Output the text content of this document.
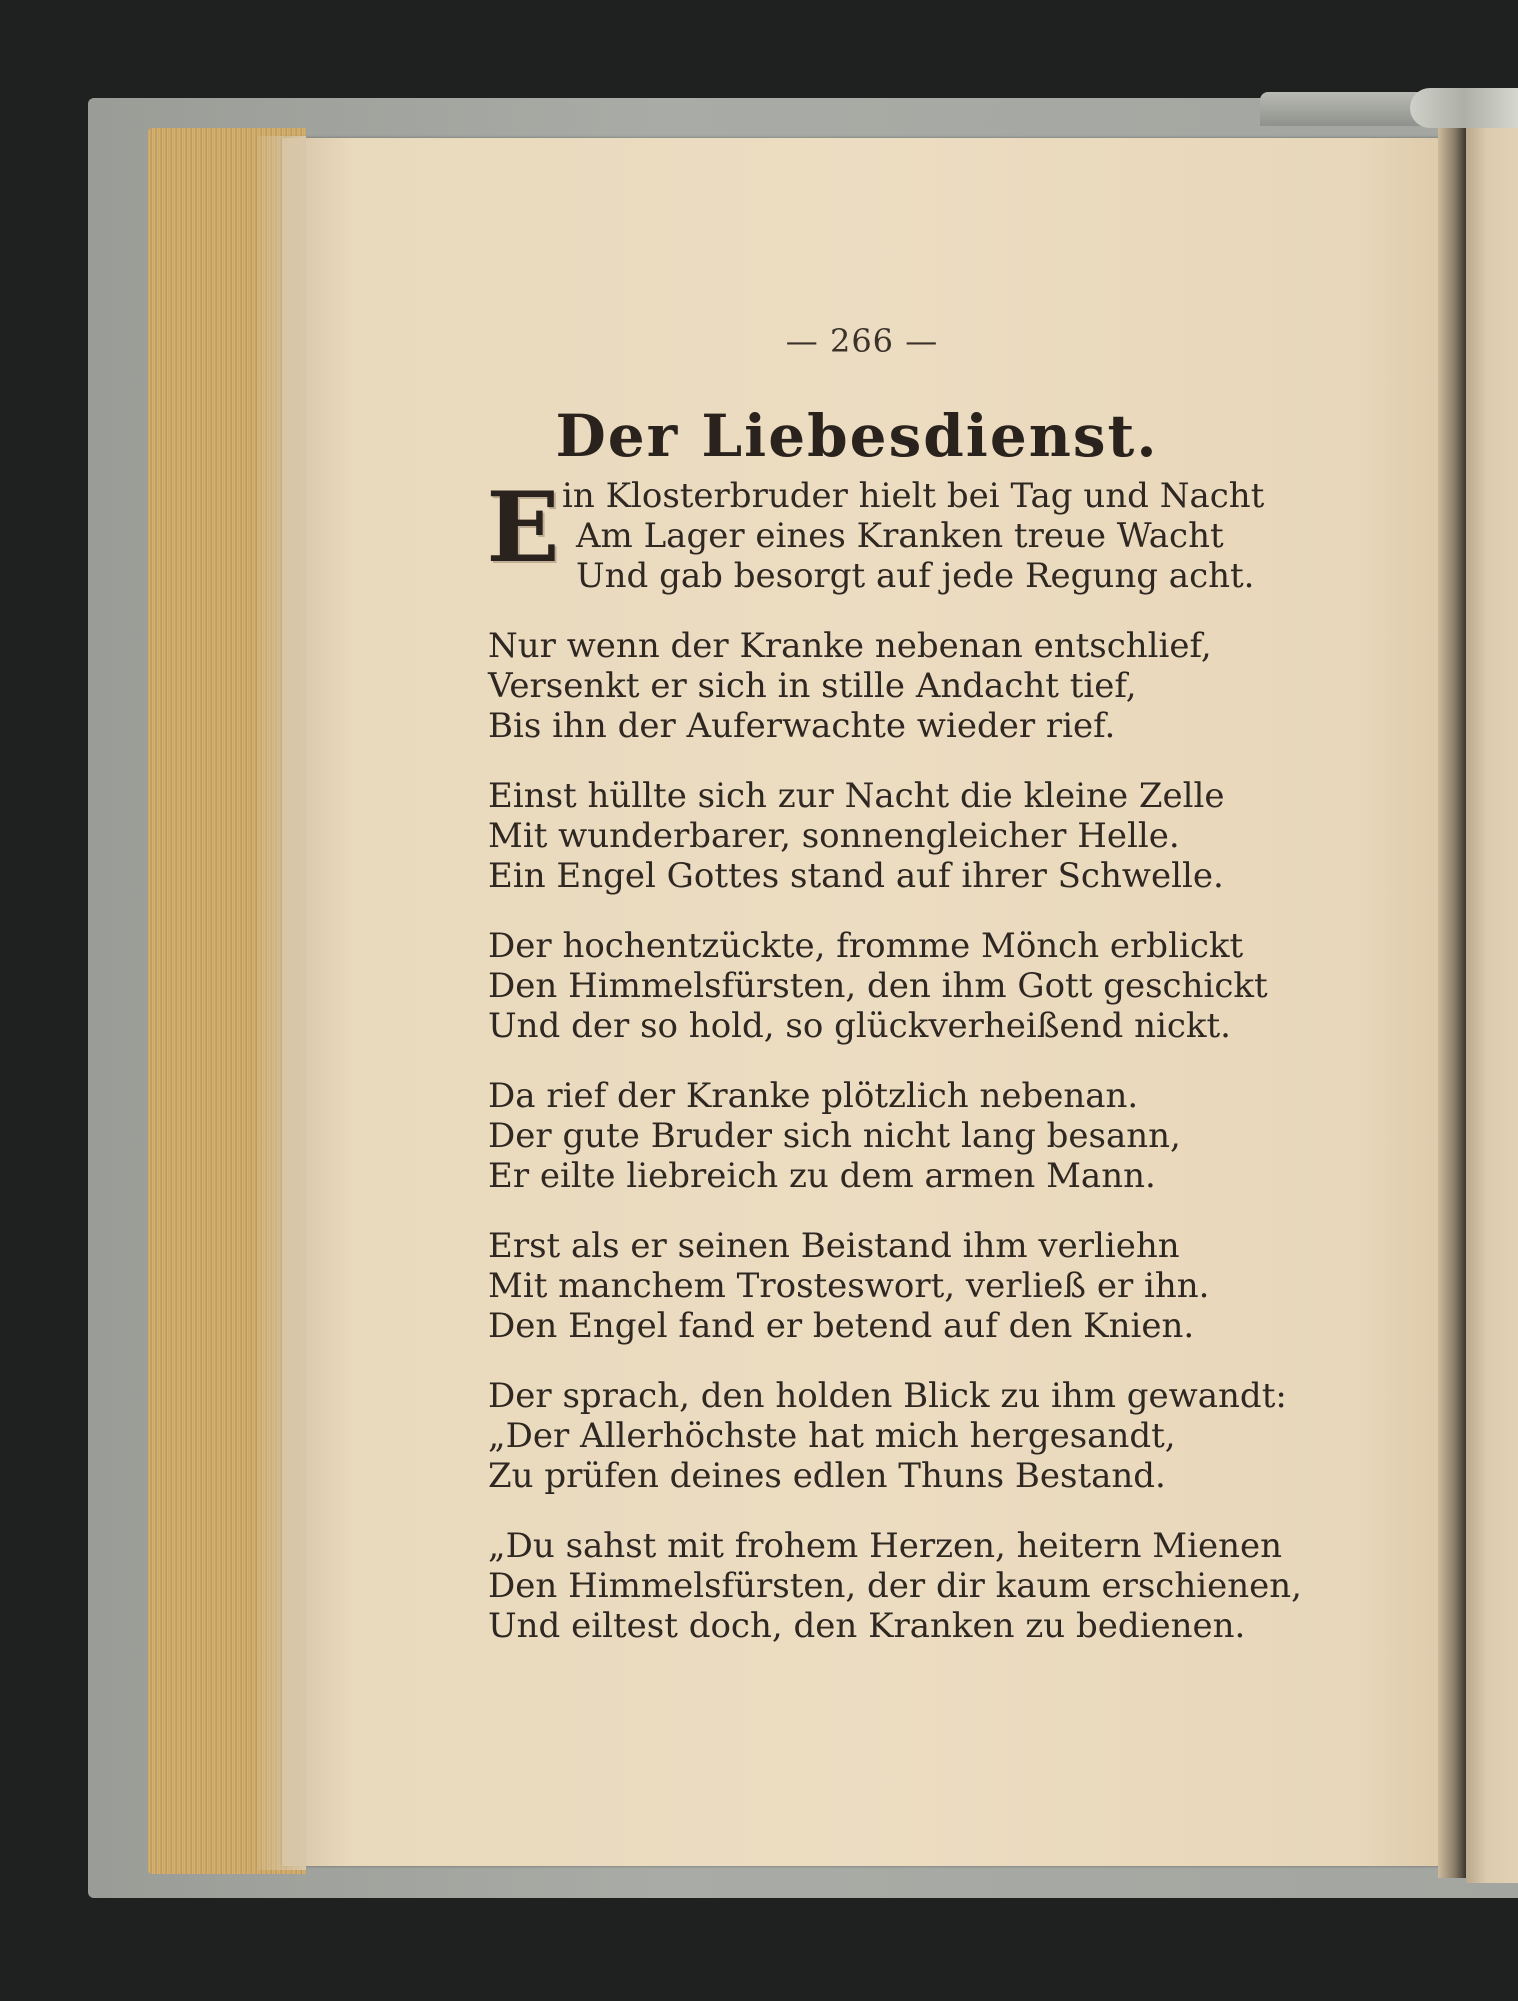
— 266 —
Der Liebesdienst.
E in Klosterbruder hielt bei Tag und Nacht
Am Lager eines Kranken treue Wacht
Und gab besorgt auf jede Regung acht.
Nur wenn der Kranke nebenan entschlief,
Versenkt er sich in stille Andacht tief,
Bis ihn der Auferwachte wieder rief.
Einst hüllte sich zur Nacht die kleine Zelle
Mit wunderbarer, sonnengleicher Helle.
Ein Engel Gottes stand auf ihrer Schwelle.
Der hochentzückte, fromme Mönch erblickt
Den Himmelsfürsten, den ihm Gott geschickt
Und der so hold, so glückverheißend nickt.
Da rief der Kranke plötzlich nebenan.
Der gute Bruder sich nicht lang besann,
Er eilte liebreich zu dem armen Mann.
Erst als er seinen Beistand ihm verliehn
Mit manchem Trosteswort, verließ er ihn.
Den Engel fand er betend auf den Knien.
Der sprach, den holden Blick zu ihm gewandt:
„Der Allerhöchste hat mich hergesandt,
Zu prüfen deines edlen Thuns Bestand.
„Du sahst mit frohem Herzen, heitern Mienen
Den Himmelsfürsten, der dir kaum erschienen,
Und eiltest doch, den Kranken zu bedienen.
